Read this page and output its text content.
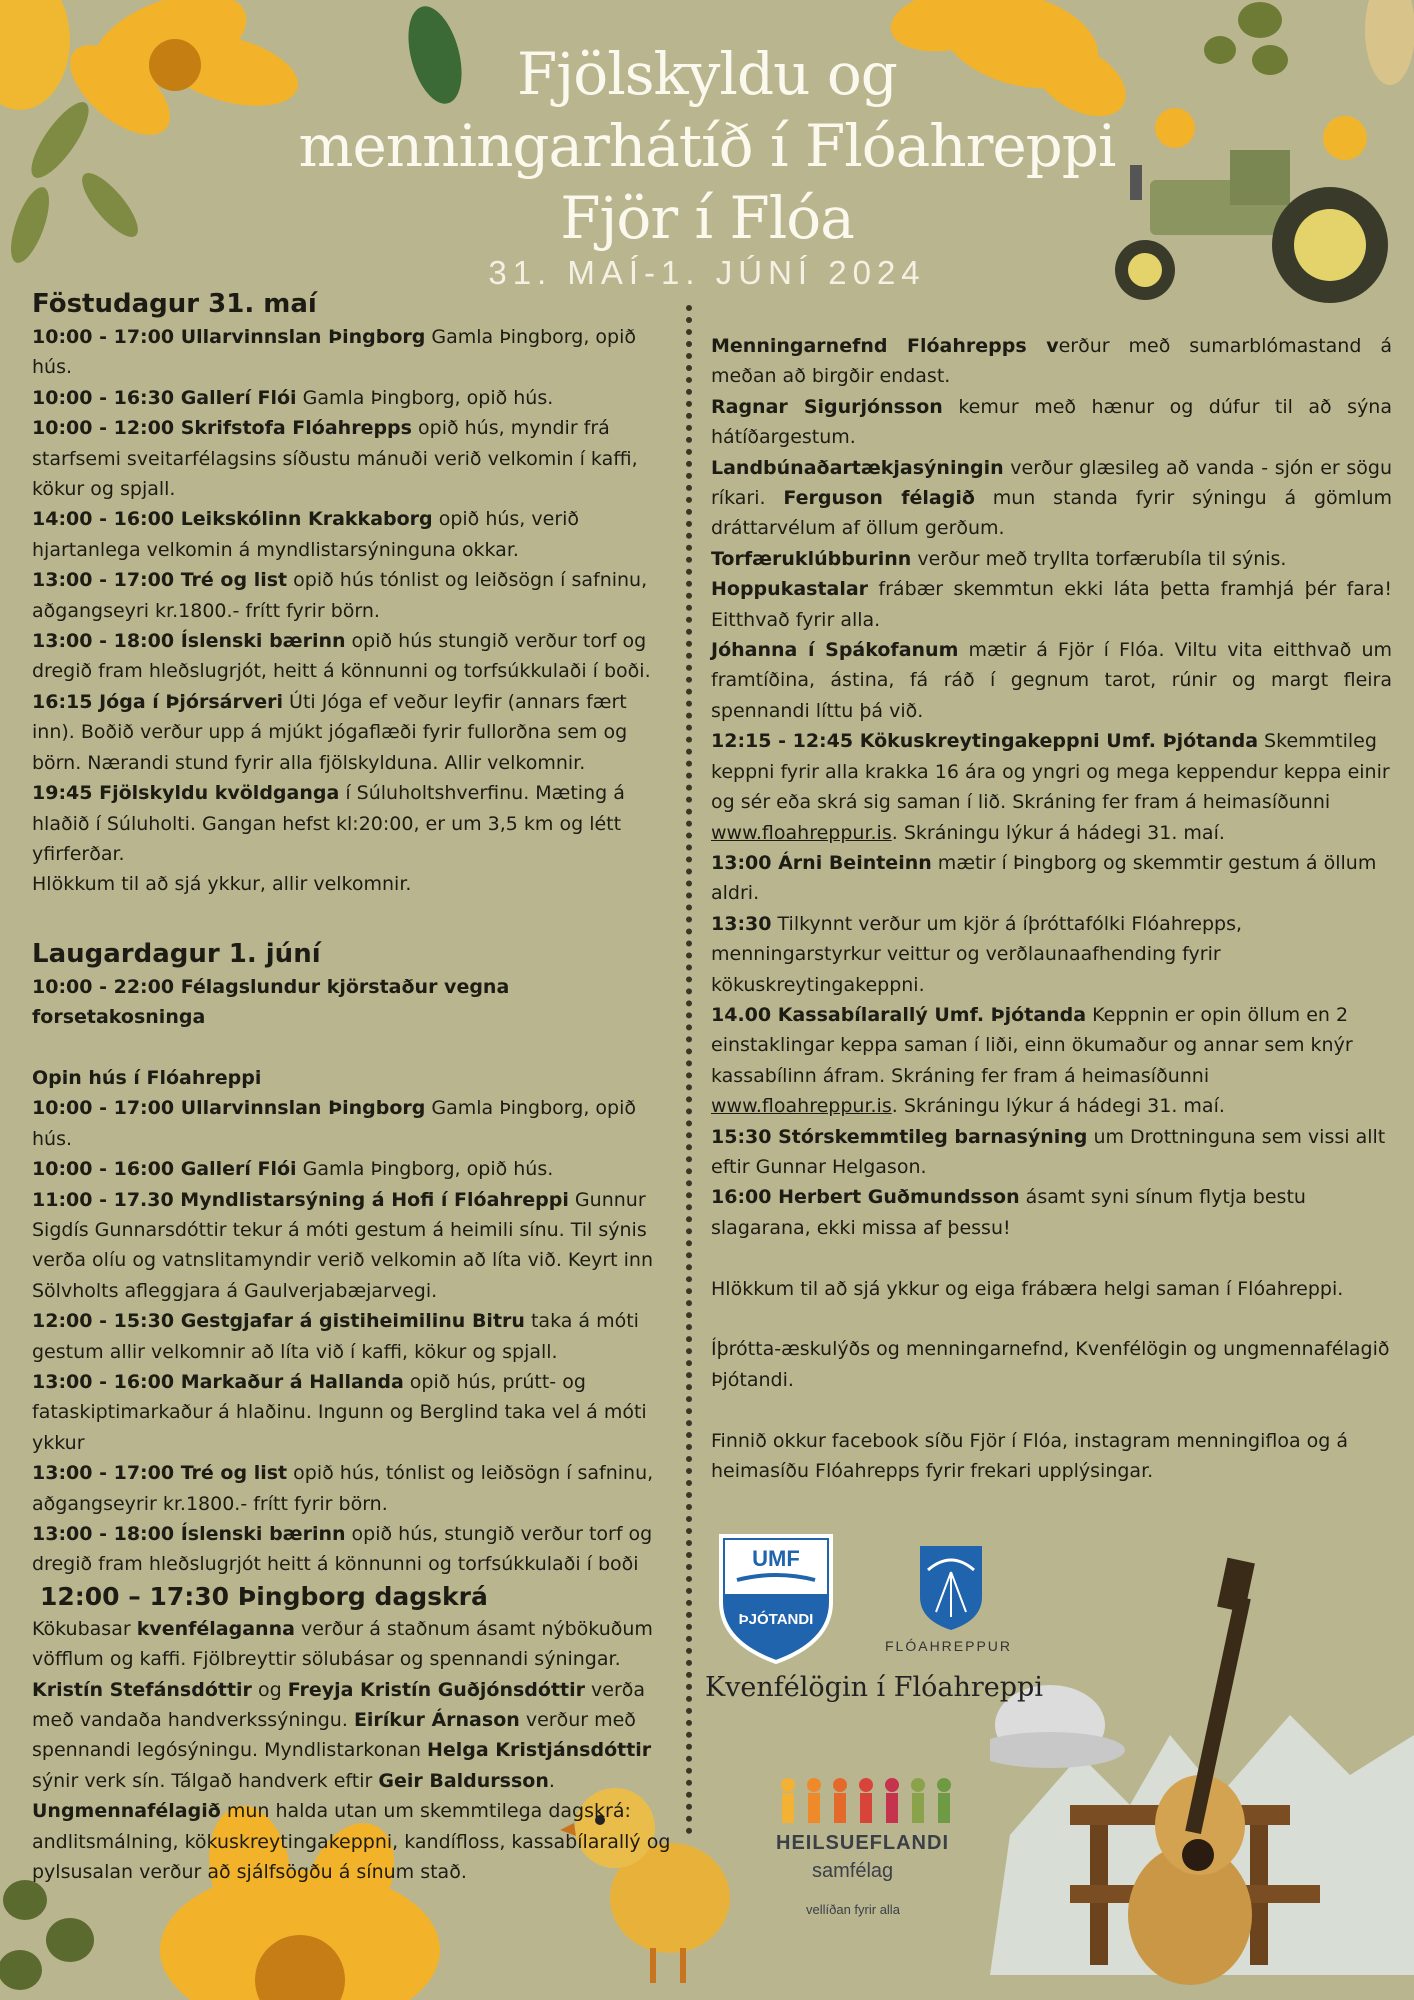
Fjölskyldu og
menningarhátíð í Flóahreppi
Fjör í Flóa
31. MAÍ-1. JÚNÍ 2024
Föstudagur 31. maí

10:00 - 17:00 Ullarvinnslan Þingborg Gamla Þingborg, opið hús.

10:00 - 16:30 Gallerí Flói Gamla Þingborg, opið hús.

10:00 - 12:00 Skrifstofa Flóahrepps opið hús, myndir frá starfsemi sveitarfélagsins síðustu mánuði verið velkomin í kaffi, kökur og spjall.

14:00 - 16:00 Leikskólinn Krakkaborg opið hús, verið hjartanlega velkomin á myndlistarsýninguna okkar.

13:00 - 17:00 Tré og list opið hús tónlist og leiðsögn í safninu, aðgangseyri kr.1800.- frítt fyrir börn.

13:00 - 18:00 Íslenski bærinn opið hús stungið verður torf og dregið fram hleðslugrjót, heitt á könnunni og torfsúkkulaði í boði.

16:15 Jóga í Þjórsárveri Úti Jóga ef veður leyfir (annars fært inn). Boðið verður upp á mjúkt jógaflæði fyrir fullorðna sem og börn. Nærandi stund fyrir alla fjölskylduna. Allir velkomnir.

19:45 Fjölskyldu kvöldganga í Súluholtshverfinu. Mæting á hlaðið í Súluholti. Gangan hefst kl:20:00, er um 3,5 km og létt yfirferðar.

Hlökkum til að sjá ykkur, allir velkomnir.

Laugardagur 1. júní

10:00 - 22:00 Félagslundur kjörstaður vegna forsetakosninga

Opin hús í Flóahreppi

10:00 - 17:00 Ullarvinnslan Þingborg Gamla Þingborg, opið hús.

10:00 - 16:00 Gallerí Flói Gamla Þingborg, opið hús.

11:00 - 17.30 Myndlistarsýning á Hofi í Flóahreppi Gunnur Sigdís Gunnarsdóttir tekur á móti gestum á heimili sínu. Til sýnis verða olíu og vatnslitamyndir verið velkomin að líta við. Keyrt inn Sölvholts afleggjara á Gaulverjabæjarvegi.

12:00 - 15:30 Gestgjafar á gistiheimilinu Bitru taka á móti gestum allir velkomnir að líta við í kaffi, kökur og spjall.

13:00 - 16:00 Markaður á Hallanda opið hús, prútt- og fataskiptimarkaður á hlaðinu. Ingunn og Berglind taka vel á móti ykkur

13:00 - 17:00 Tré og list opið hús, tónlist og leiðsögn í safninu, aðgangseyrir kr.1800.- frítt fyrir börn.

13:00 - 18:00 Íslenski bærinn opið hús, stungið verður torf og dregið fram hleðslugrjót heitt á könnunni og torfsúkkulaði í boði

12:00 – 17:30 Þingborg dagskrá

Kökubasar kvenfélaganna verður á staðnum ásamt nýbökuðum vöfflum og kaffi. Fjölbreyttir sölubásar og spennandi sýningar. Kristín Stefánsdóttir og Freyja Kristín Guðjónsdóttir verða með vandaða handverkssýningu. Eiríkur Árnason verður með spennandi legósýningu. Myndlistarkonan Helga Kristjánsdóttir sýnir verk sín. Tálgað handverk eftir Geir Baldursson. Ungmennafélagið mun halda utan um skemmtilega dagskrá: andlitsmálning, kökuskreytingakeppni, kandífloss, kassabílarallý og pylsusalan verður að sjálfsögðu á sínum stað.

Menningarnefnd Flóahrepps verður með sumarblómastand á meðan að birgðir endast.

Ragnar Sigurjónsson kemur með hænur og dúfur til að sýna hátíðargestum.

Landbúnaðartækjasýningin verður glæsileg að vanda - sjón er sögu ríkari. Ferguson félagið mun standa fyrir sýningu á gömlum dráttarvélum af öllum gerðum.

Torfæruklúbburinn verður með tryllta torfærubíla til sýnis.

Hoppukastalar frábær skemmtun ekki láta þetta framhjá þér fara! Eitthvað fyrir alla.

Jóhanna í Spákofanum mætir á Fjör í Flóa. Viltu vita eitthvað um framtíðina, ástina, fá ráð í gegnum tarot, rúnir og margt fleira spennandi líttu þá við.

12:15 - 12:45 Kökuskreytingakeppni Umf. Þjótanda Skemmtileg keppni fyrir alla krakka 16 ára og yngri og mega keppendur keppa einir og sér eða skrá sig saman í lið. Skráning fer fram á heimasíðunni www.floahreppur.is. Skráningu lýkur á hádegi 31. maí.

13:00 Árni Beinteinn mætir í Þingborg og skemmtir gestum á öllum aldri.

13:30 Tilkynnt verður um kjör á íþróttafólki Flóahrepps, menningarstyrkur veittur og verðlaunaafhending fyrir kökuskreytingakeppni.

14.00 Kassabílarallý Umf. Þjótanda Keppnin er opin öllum en 2 einstaklingar keppa saman í liði, einn ökumaður og annar sem knýr kassabílinn áfram. Skráning fer fram á heimasíðunni www.floahreppur.is. Skráningu lýkur á hádegi 31. maí.

15:30 Stórskemmtileg barnasýning um Drottninguna sem vissi allt eftir Gunnar Helgason.

16:00 Herbert Guðmundsson ásamt syni sínum flytja bestu slagarana, ekki missa af þessu!

Hlökkum til að sjá ykkur og eiga frábæra helgi saman í Flóahreppi.

Íþrótta-æskulýðs og menningarnefnd, Kvenfélögin og ungmennafélagið Þjótandi.

Finnið okkur facebook síðu Fjör í Flóa, instagram menningifloa og á heimasíðu Flóahrepps fyrir frekari upplýsingar.

UMF
ÞJÓTANDI
FLÓAHREPPUR
Kvenfélögin í Flóahreppi
HEILSUEFLANDI
samfélag
vellíðan fyrir alla
